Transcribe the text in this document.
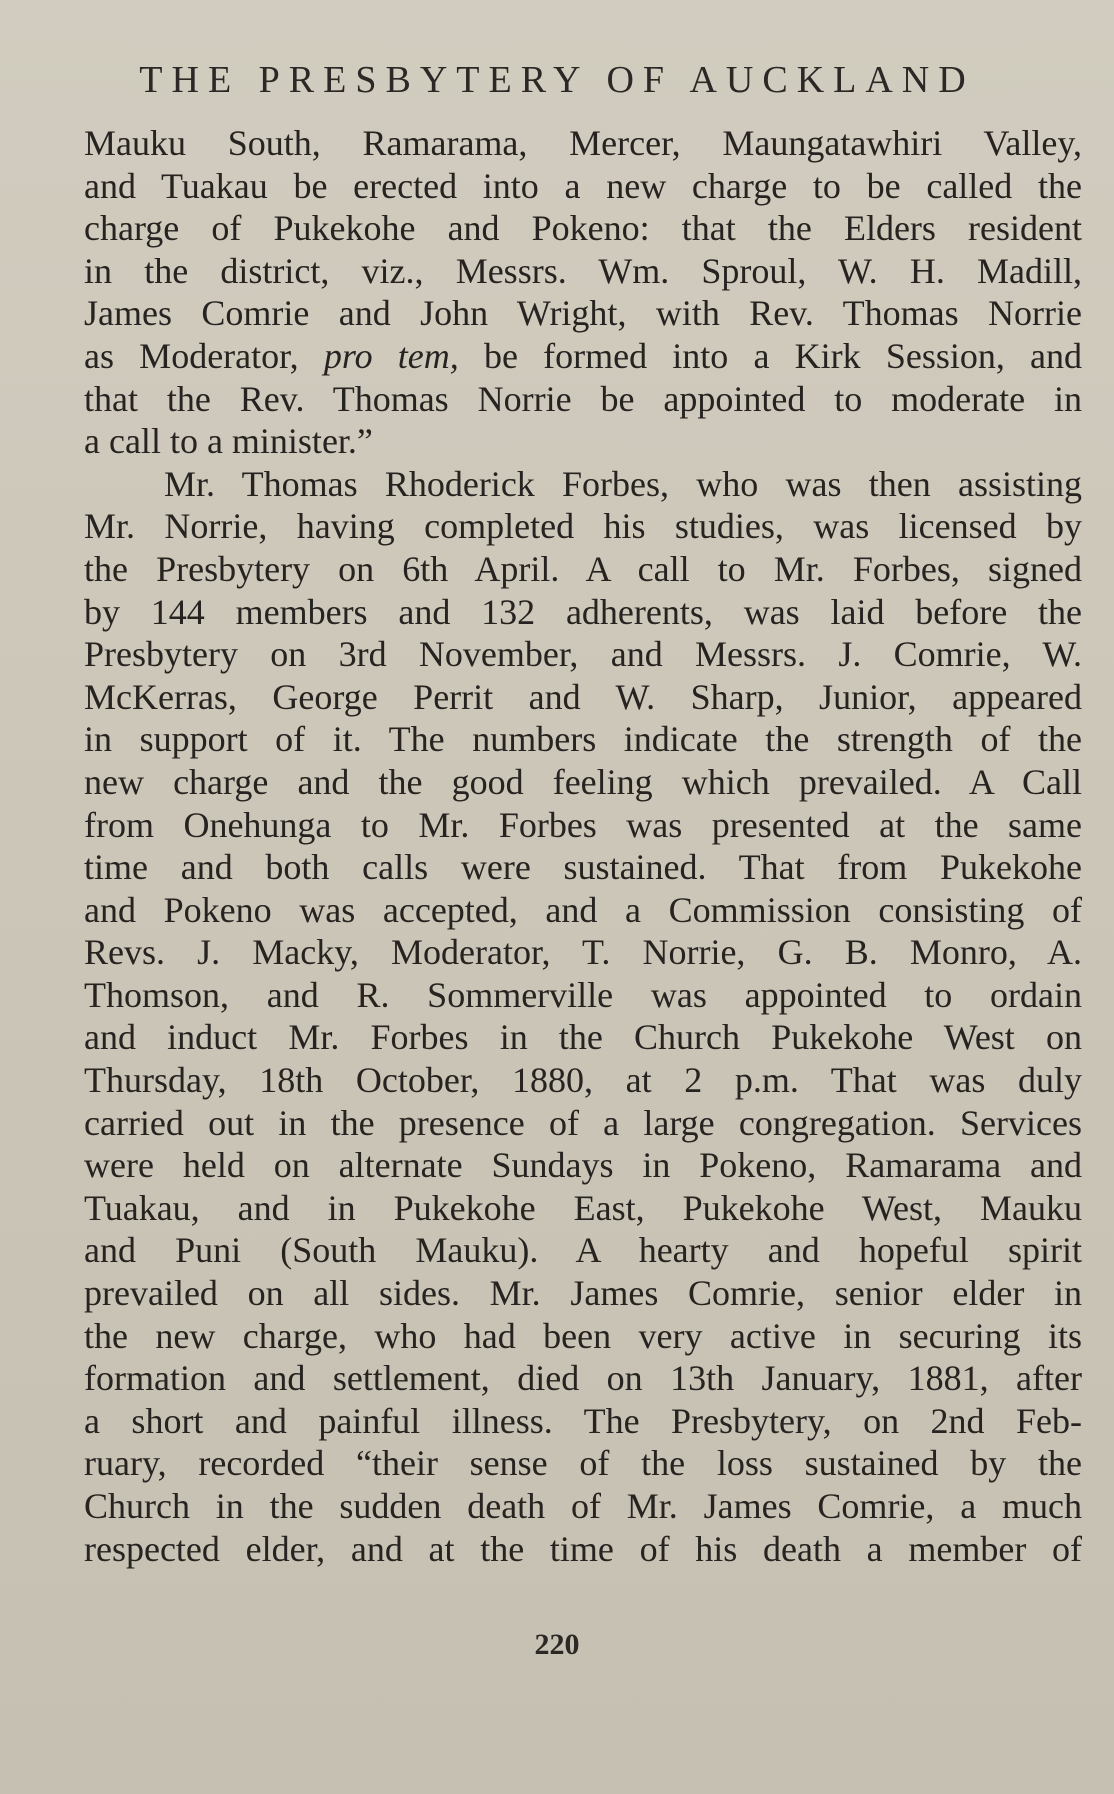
THE PRESBYTERY OF AUCKLAND
Mauku South, Ramarama, Mercer, Maungatawhiri Valley,
and Tuakau be erected into a new charge to be called the
charge of Pukekohe and Pokeno: that the Elders resident
in the district, viz., Messrs. Wm. Sproul, W. H. Madill,
James Comrie and John Wright, with Rev. Thomas Norrie
as Moderator, pro tem, be formed into a Kirk Session, and
that the Rev. Thomas Norrie be appointed to moderate in
a call to a minister.”
Mr. Thomas Rhoderick Forbes, who was then assisting
Mr. Norrie, having completed his studies, was licensed by
the Presbytery on 6th April. A call to Mr. Forbes, signed
by 144 members and 132 adherents, was laid before the
Presbytery on 3rd November, and Messrs. J. Comrie, W.
McKerras, George Perrit and W. Sharp, Junior, appeared
in support of it. The numbers indicate the strength of the
new charge and the good feeling which prevailed. A Call
from Onehunga to Mr. Forbes was presented at the same
time and both calls were sustained. That from Pukekohe
and Pokeno was accepted, and a Commission consisting of
Revs. J. Macky, Moderator, T. Norrie, G. B. Monro, A.
Thomson, and R. Sommerville was appointed to ordain
and induct Mr. Forbes in the Church Pukekohe West on
Thursday, 18th October, 1880, at 2 p.m. That was duly
carried out in the presence of a large congregation. Services
were held on alternate Sundays in Pokeno, Ramarama and
Tuakau, and in Pukekohe East, Pukekohe West, Mauku
and Puni (South Mauku). A hearty and hopeful spirit
prevailed on all sides. Mr. James Comrie, senior elder in
the new charge, who had been very active in securing its
formation and settlement, died on 13th January, 1881, after
a short and painful illness. The Presbytery, on 2nd Feb-
ruary, recorded “their sense of the loss sustained by the
Church in the sudden death of Mr. James Comrie, a much
respected elder, and at the time of his death a member of
220
